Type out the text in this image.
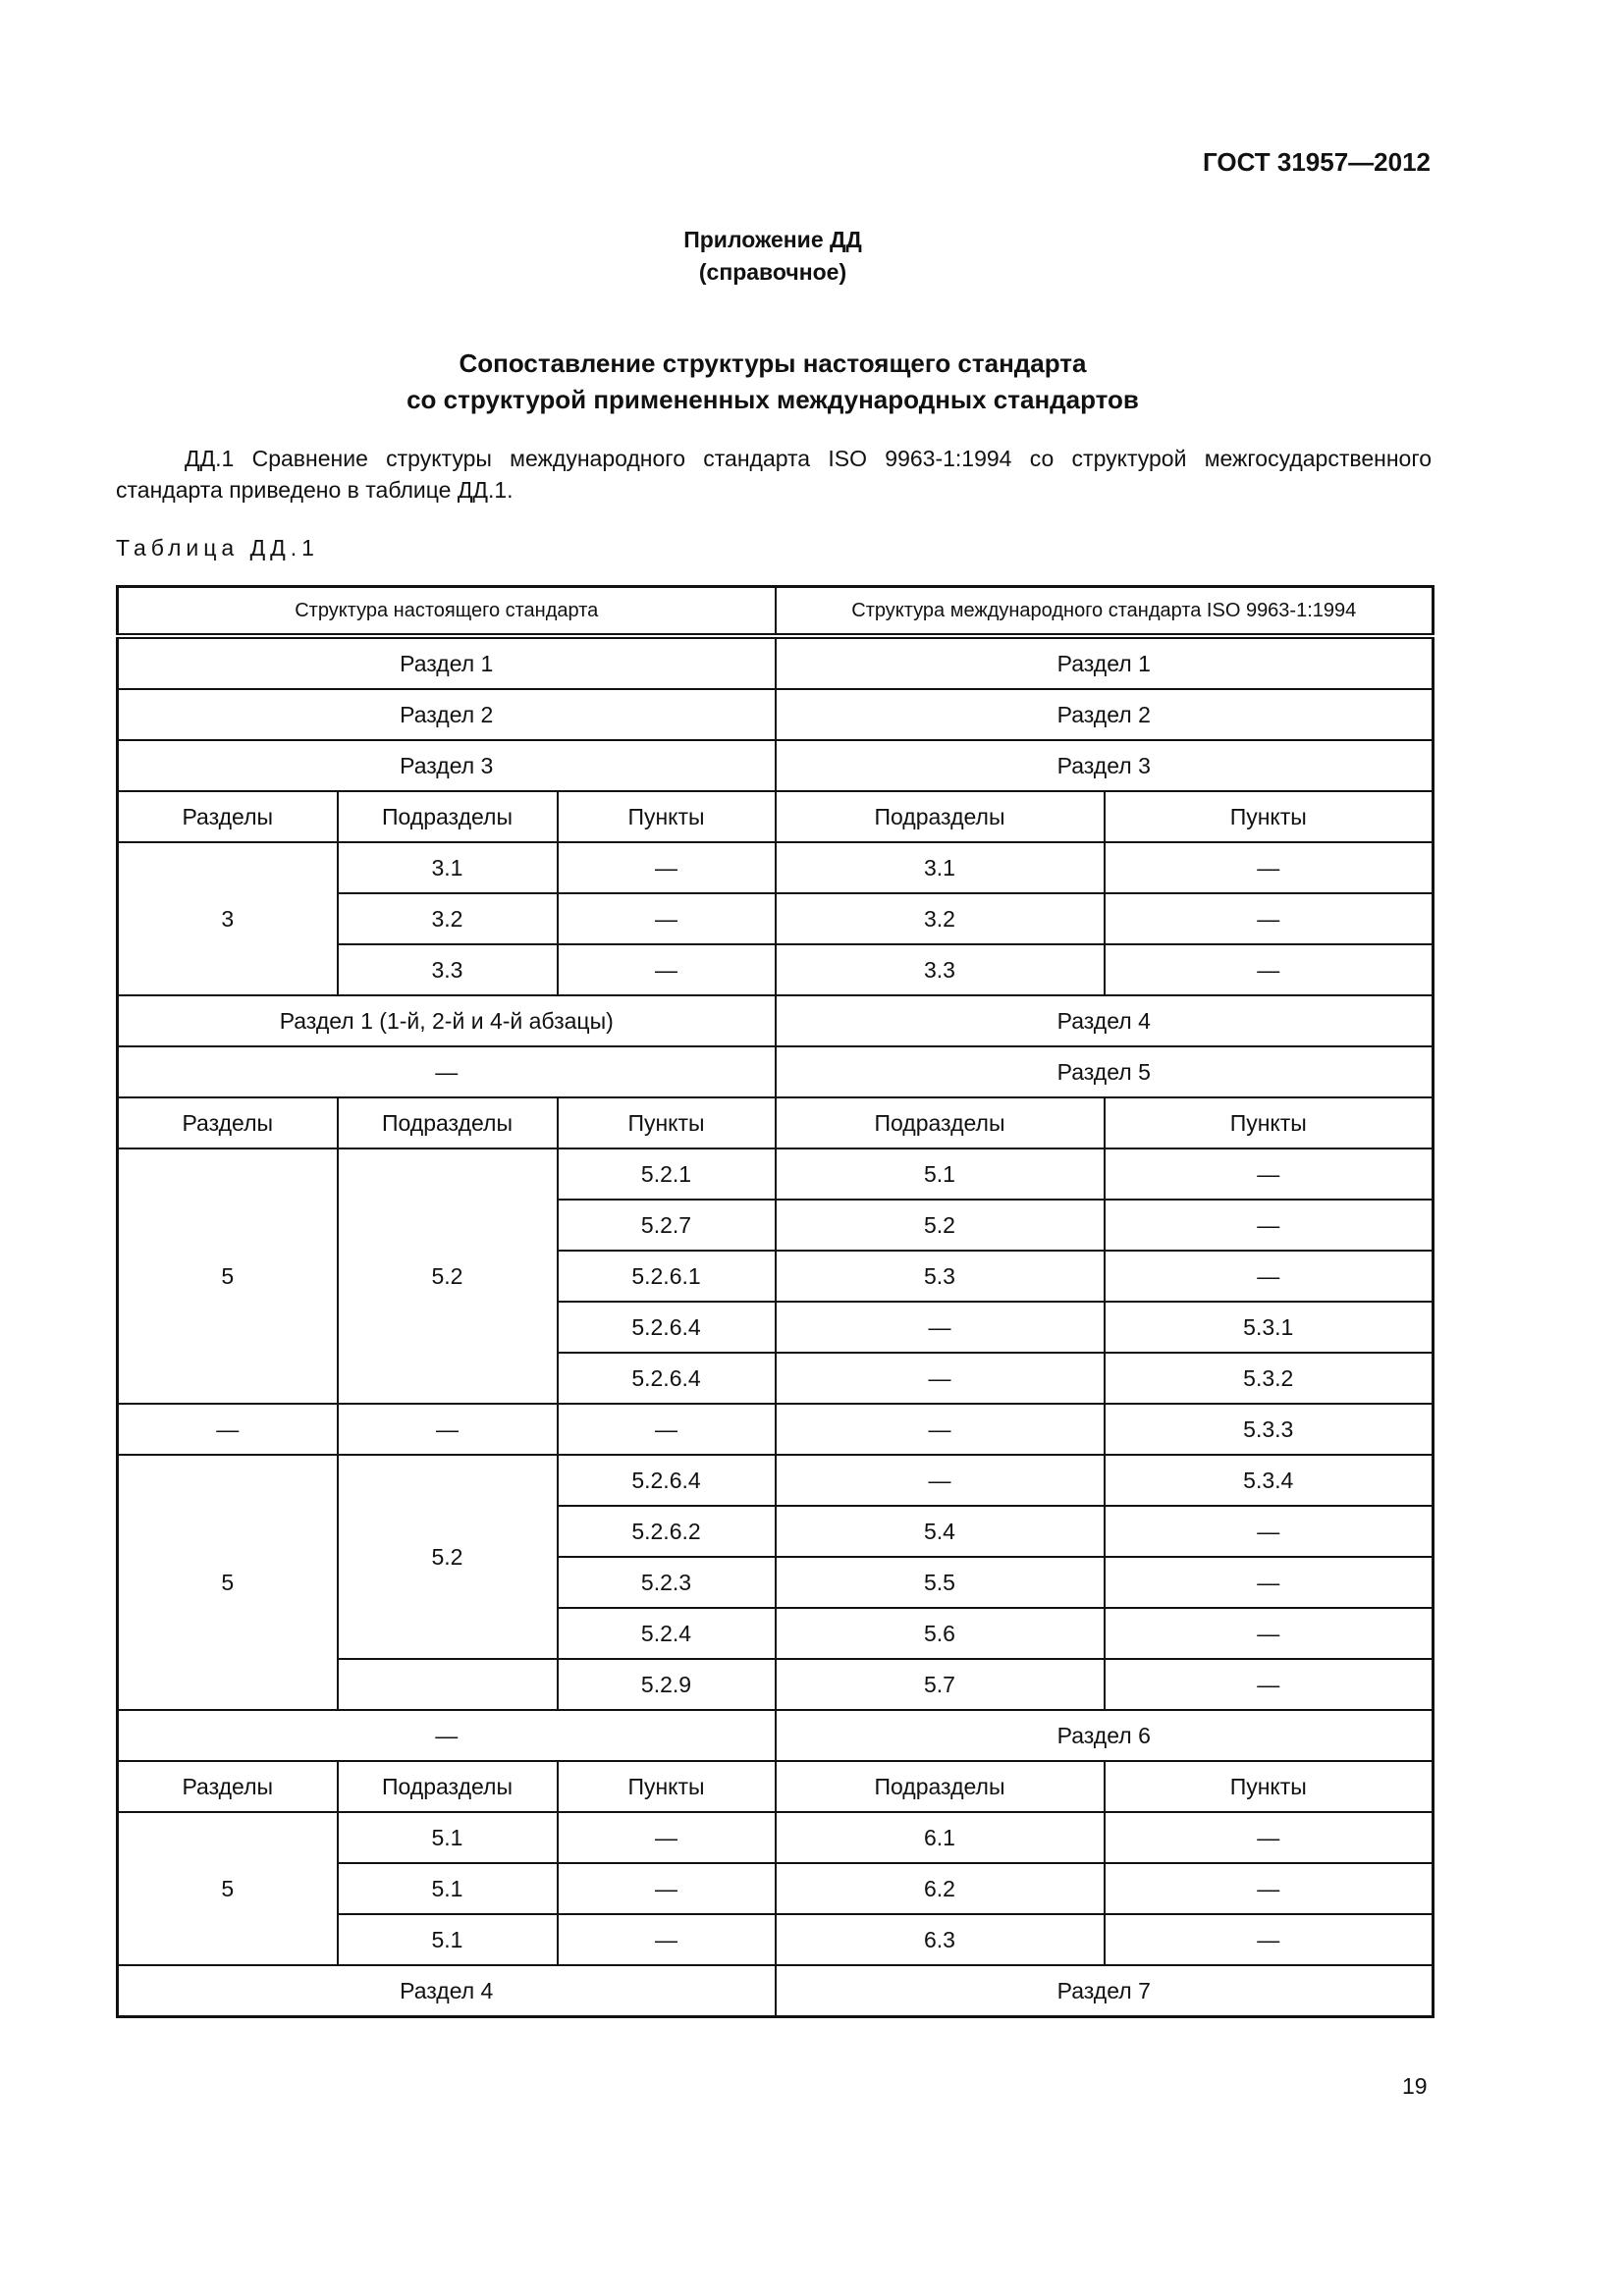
ГОСТ 31957—2012
Приложение ДД
(справочное)
Сопоставление структуры настоящего стандарта
со структурой примененных международных стандартов
ДД.1 Сравнение структуры международного стандарта ISO 9963-1:1994 со структурой межгосударственного стандарта приведено в таблице ДД.1.
Таблица ДД.1
Структура настоящего стандарта			Структура международного стандарта ISO 9963-1:1994	
Раздел 1			Раздел 1	
Раздел 2			Раздел 2	
Раздел 3			Раздел 3	
Разделы	Подразделы	Пункты	Подразделы	Пункты
3	3.1	—	3.1	—
	3.2	—	3.2	—
	3.3	—	3.3	—
Раздел 1 (1-й, 2-й и 4-й абзацы)			Раздел 4	
—			Раздел 5	
Разделы	Подразделы	Пункты	Подразделы	Пункты
5	5.2	5.2.1	5.1	—
		5.2.7	5.2	—
		5.2.6.1	5.3	—
		5.2.6.4	—	5.3.1
		5.2.6.4	—	5.3.2
—	—	—	—	5.3.3
5	5.2	5.2.6.4	—	5.3.4
		5.2.6.2	5.4	—
		5.2.3	5.5	—
		5.2.4	5.6	—
		5.2.9	5.7	—
—			Раздел 6	
Разделы	Подразделы	Пункты	Подразделы	Пункты
5	5.1	—	6.1	—
	5.1	—	6.2	—
	5.1	—	6.3	—
Раздел 4			Раздел 7	
19
